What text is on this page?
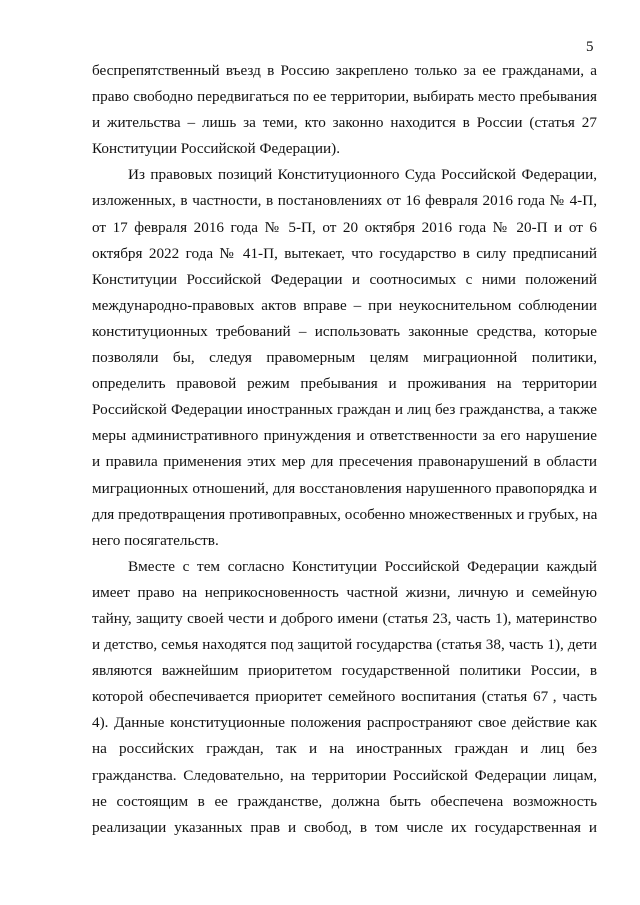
5
беспрепятственный въезд в Россию закреплено только за ее гражданами, а
право свободно передвигаться по ее территории, выбирать место пребывания
и жительства – лишь за теми, кто законно находится в России (статья 27
Конституции Российской Федерации).
Из правовых позиций Конституционного Суда Российской Федерации,
изложенных, в частности, в постановлениях от 16 февраля 2016 года № 4-П,
от 17 февраля 2016 года № 5-П, от 20 октября 2016 года № 20-П и от 6
октября 2022 года № 41-П, вытекает, что государство в силу предписаний
Конституции Российской Федерации и соотносимых с ними положений
международно-правовых актов вправе – при неукоснительном соблюдении
конституционных требований – использовать законные средства, которые
позволяли бы, следуя правомерным целям миграционной политики,
определить правовой режим пребывания и проживания на территории
Российской Федерации иностранных граждан и лиц без гражданства, а также
меры административного принуждения и ответственности за его нарушение
и правила применения этих мер для пресечения правонарушений в области
миграционных отношений, для восстановления нарушенного правопорядка и
для предотвращения противоправных, особенно множественных и грубых, на
него посягательств.
Вместе с тем согласно Конституции Российской Федерации каждый
имеет право на неприкосновенность частной жизни, личную и семейную
тайну, защиту своей чести и доброго имени (статья 23, часть 1), материнство
и детство, семья находятся под защитой государства (статья 38, часть 1), дети
являются важнейшим приоритетом государственной политики России, в
которой обеспечивается приоритет семейного воспитания (статья 67 , часть
4). Данные конституционные положения распространяют свое действие как
на российских граждан, так и на иностранных граждан и лиц без
гражданства. Следовательно, на территории Российской Федерации лицам,
не состоящим в ее гражданстве, должна быть обеспечена возможность
реализации указанных прав и свобод, в том числе их государственная и
